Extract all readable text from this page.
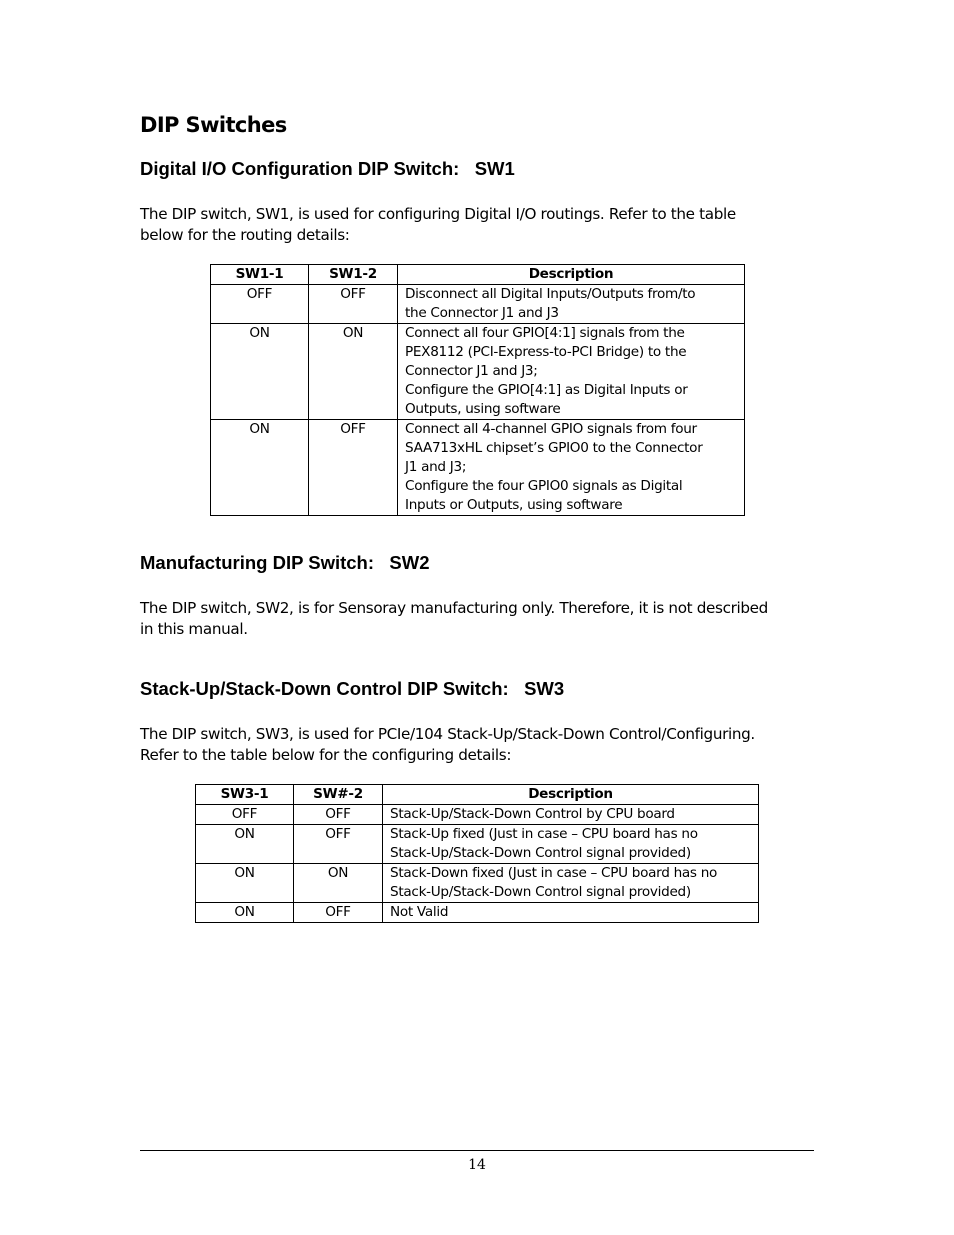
DIP Switches
Digital I/O Configuration DIP Switch:   SW1

The DIP switch, SW1, is used for configuring Digital I/O routings. Refer to the table
below for the routing details:

SW1-1	SW1-2	Description
OFF	OFF	Disconnect all Digital Inputs/Outputs from/to
the Connector J1 and J3
ON	ON	Connect all four GPIO[4:1] signals from the
PEX8112 (PCI-Express-to-PCI Bridge) to the
Connector J1 and J3;
Configure the GPIO[4:1] as Digital Inputs or
Outputs, using software
ON	OFF	Connect all 4-channel GPIO signals from four
SAA713xHL chipset’s GPIO0 to the Connector
J1 and J3;
Configure the four GPIO0 signals as Digital
Inputs or Outputs, using software
Manufacturing DIP Switch:   SW2

The DIP switch, SW2, is for Sensoray manufacturing only. Therefore, it is not described
in this manual.

Stack-Up/Stack-Down Control DIP Switch:   SW3

The DIP switch, SW3, is used for PCIe/104 Stack-Up/Stack-Down Control/Configuring.
Refer to the table below for the configuring details:

SW3-1	SW#-2	Description
OFF	OFF	Stack-Up/Stack-Down Control by CPU board
ON	OFF	Stack-Up fixed (Just in case – CPU board has no
Stack-Up/Stack-Down Control signal provided)
ON	ON	Stack-Down fixed (Just in case – CPU board has no
Stack-Up/Stack-Down Control signal provided)
ON	OFF	Not Valid
14
